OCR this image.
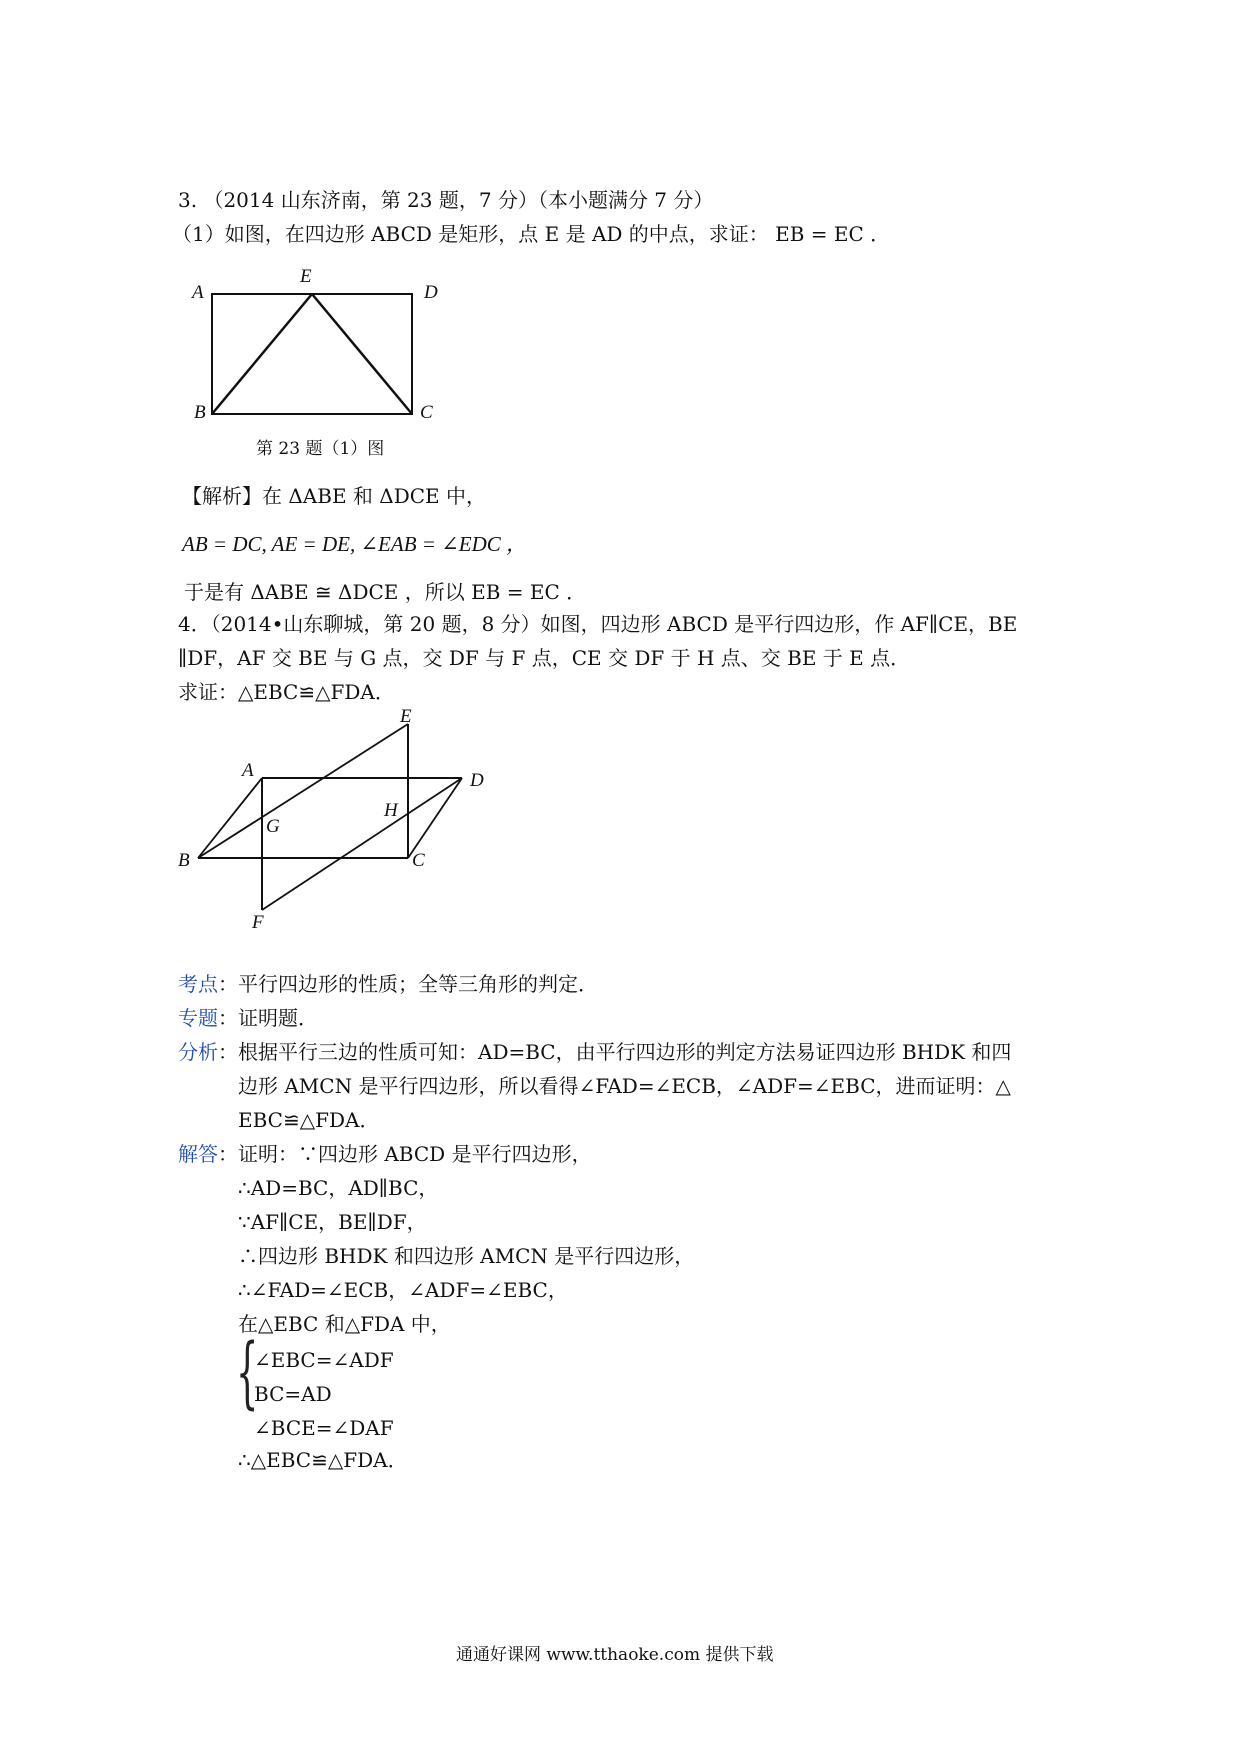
3. （2014 山东济南，第 23 题，7 分）（本小题满分 7 分）
（1）如图，在四边形 ABCD 是矩形，点 E 是 AD 的中点，求证： EB = EC ．
A
E
D
B	C
第 23 题（1）图
【解析】在 ΔABE 和 ΔDCE 中，
AB = DC, AE = DE, ∠EAB = ∠EDC ，
于是有 ΔABE ≅ ΔDCE ，所以 EB = EC ．
4．（2014•山东聊城，第 20 题，8 分）如图，四边形 ABCD 是平行四边形，作 AF∥CE，BE
∥DF，AF 交 BE 与 G 点，交 DF 与 F 点，CE 交 DF 于 H 点、交 BE 于 E 点．
求证：△EBC≌△FDA．
E
A	D
H
G
B	C
F
考点：平行四边形的性质；全等三角形的判定．
专题：证明题．
分析：根据平行三边的性质可知：AD=BC，由平行四边形的判定方法易证四边形 BHDK 和四
边形 AMCN 是平行四边形，所以看得∠FAD=∠ECB，∠ADF=∠EBC，进而证明：△
EBC≌△FDA．
解答：证明：∵四边形 ABCD 是平行四边形，
∴AD=BC，AD∥BC，
∵AF∥CE，BE∥DF，
∴四边形 BHDK 和四边形 AMCN 是平行四边形，
∴∠FAD=∠ECB，∠ADF=∠EBC，
在△EBC 和△FDA 中，
{
∠EBC=∠ADF
BC=AD
∠BCE=∠DAF
∴△EBC≌△FDA．
通通好课网 www.tthaoke.com 提供下载
